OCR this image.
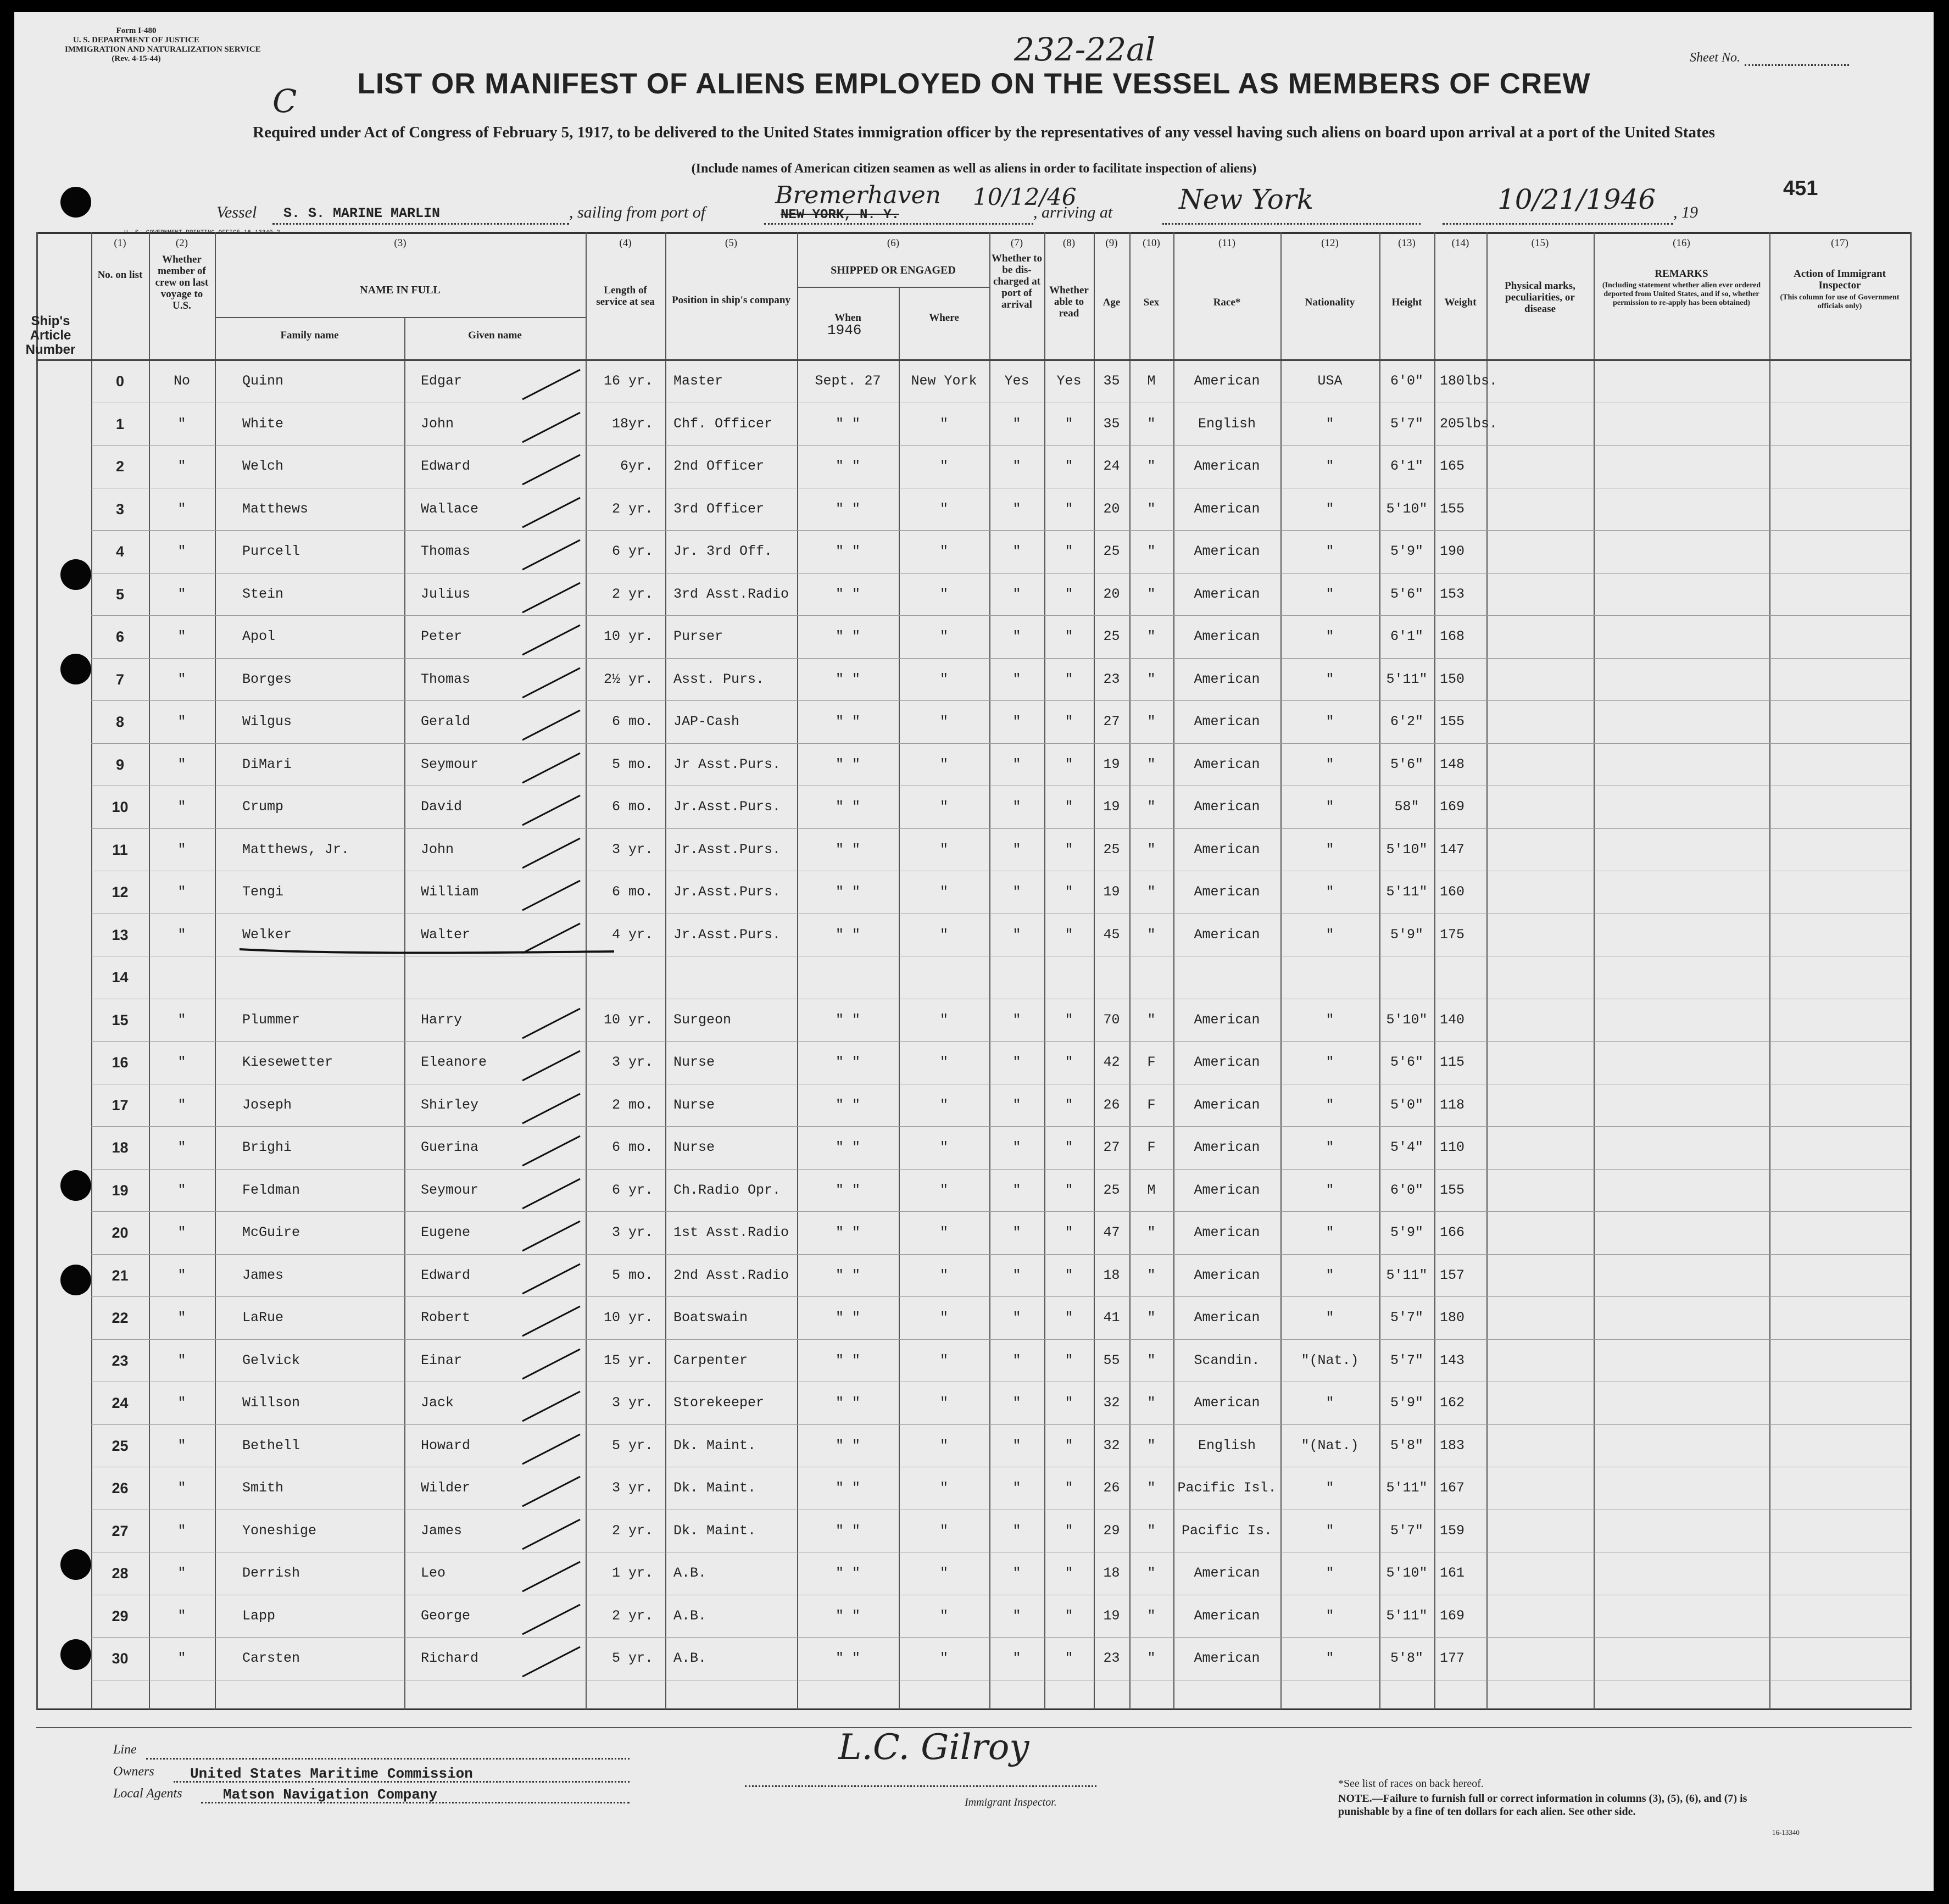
Form I-480
U. S. DEPARTMENT OF JUSTICE
IMMIGRATION AND NATURALIZATION SERVICE
(Rev. 4-15-44)	232-22al
C	LIST OR MANIFEST OF ALIENS EMPLOYED ON THE VESSEL AS MEMBERS OF CREW
Sheet No.
Required under Act of Congress of February 5, 1917, to be delivered to the United States immigration officer by the representatives of any vessel having such aliens on board upon arrival at a port of the United States
(Include names of American citizen seamen as well as aliens in order to facilitate inspection of aliens)
451
Vessel S. S. MARINE MARLIN	, sailing from port of	NEW YORK, N. Y.
Bremerhaven 10/12/46
, arriving at New York	10/21/1946 , 19
Ship's Article Number
(1)	(2)	(3)	(4)	(5)	(6)	(7)	(8)	(9)	(10)	(11)	(12)	(13)	(14)	(15)	(16)	(17)
No. on list
Whether member of crew on last voyage to U.S.
NAME IN FULL
Family name	Given name
Length of service at sea	Position in ship's company
SHIPPED OR ENGAGED
When
1946
Where
Whether to be dis-charged at port of arrival
Whether able to read
Age	Sex	Race*	Nationality	Height	Weight
Physical marks, peculiarities, or disease
REMARKS
(Including statement whether alien ever ordered deported from United States, and if so, whether permission to re-apply has been obtained)
Action of Immigrant Inspector
(This column for use of Government officials only)
0	No	Quinn	Edgar	16 yr.	Master	Sept. 27	New York	Yes	Yes	35	M	American	USA	6'0"	180lbs.
1	"	White	John	18yr.	Chf. Officer	" "	"	"	"	35	"	English	"	5'7"	205lbs.
2	"	Welch	Edward	6yr.	2nd Officer	" "	"	"	"	24	"	American	"	6'1"	165
3	"	Matthews	Wallace	2 yr.	3rd Officer	" "	"	"	"	20	"	American	"	5'10" 155
4	"	Purcell	Thomas	6 yr.	Jr. 3rd Off.	" "	"	"	"	25	"	American	"	5'9"	190
5	"	Stein	Julius	2 yr.	3rd Asst.Radio	" "	"	"	"	20	"	American	"	5'6"	153
6	"	Apol	Peter	10 yr.	Purser	" "	"	"	"	25	"	American	"	6'1"	168
7	"	Borges	Thomas	2½ yr.	Asst. Purs.	" "	"	"	"	23	"	American	"	5'11" 150
8	"	Wilgus	Gerald	6 mo.	JAP-Cash	" "	"	"	"	27	"	American	"	6'2"	155
9	"	DiMari	Seymour	5 mo.	Jr Asst.Purs.	" "	"	"	"	19	"	American	"	5'6"	148
10	"	Crump	David	6 mo.	Jr.Asst.Purs.	" "	"	"	"	19	"	American	"	58"	169
11	"	Matthews, Jr.	John	3 yr.	Jr.Asst.Purs.	" "	"	"	"	25	"	American	"	5'10" 147
12	"	Tengi	William	6 mo.	Jr.Asst.Purs.	" "	"	"	"	19	"	American	"	5'11" 160
13	"	Welker	Walter	4 yr.	Jr.Asst.Purs.	" "	"	"	"	45	"	American	"	5'9"	175
14
15	"	Plummer	Harry	10 yr.	Surgeon	" "	"	"	"	70	"	American	"	5'10" 140
16	"	Kiesewetter	Eleanore	3 yr.	Nurse	" "	"	"	"	42	F	American	"	5'6"	115
17	"	Joseph	Shirley	2 mo.	Nurse	" "	"	"	"	26	F	American	"	5'0"	118
18	"	Brighi	Guerina	6 mo.	Nurse	" "	"	"	"	27	F	American	"	5'4"	110
19	"	Feldman	Seymour	6 yr.	Ch.Radio Opr.	" "	"	"	"	25	M	American	"	6'0"	155
20	"	McGuire	Eugene	3 yr.	1st Asst.Radio	" "	"	"	"	47	"	American	"	5'9"	166
21	"	James	Edward	5 mo.	2nd Asst.Radio	" "	"	"	"	18	"	American	"	5'11" 157
22	"	LaRue	Robert	10 yr.	Boatswain	" "	"	"	"	41	"	American	"	5'7"	180
23	"	Gelvick	Einar	15 yr.	Carpenter	" "	"	"	"	55	"	Scandin.	"(Nat.)	5'7"	143
24	"	Willson	Jack	3 yr.	Storekeeper	" "	"	"	"	32	"	American	"	5'9"	162
25	"	Bethell	Howard	5 yr.	Dk. Maint.	" "	"	"	"	32	"	English	"(Nat.)	5'8"	183
26	"	Smith	Wilder	3 yr.	Dk. Maint.	" "	"	"	"	26	"	Pacific Isl.	"	5'11" 167
27	"	Yoneshige	James	2 yr.	Dk. Maint.	" "	"	"	"	29	"	Pacific Is.	"	5'7"	159
28	"	Derrish	Leo	1 yr.	A.B.	" "	"	"	"	18	"	American	"	5'10" 161
29	"	Lapp	George	2 yr.	A.B.	" "	"	"	"	19	"	American	"	5'11" 169
30	"	Carsten	Richard	5 yr.	A.B.	" "	"	"	"	23	"	American	"	5'8"	177
Line
Owners	United States Maritime Commission
Local Agents	Matson Navigation Company
L.C. Gilroy
Immigrant Inspector.
*See list of races on back hereof.
NOTE.—Failure to furnish full or correct information in columns (3), (5), (6), and (7) is punishable by a fine of ten dollars for each alien. See other side.
16-13340
